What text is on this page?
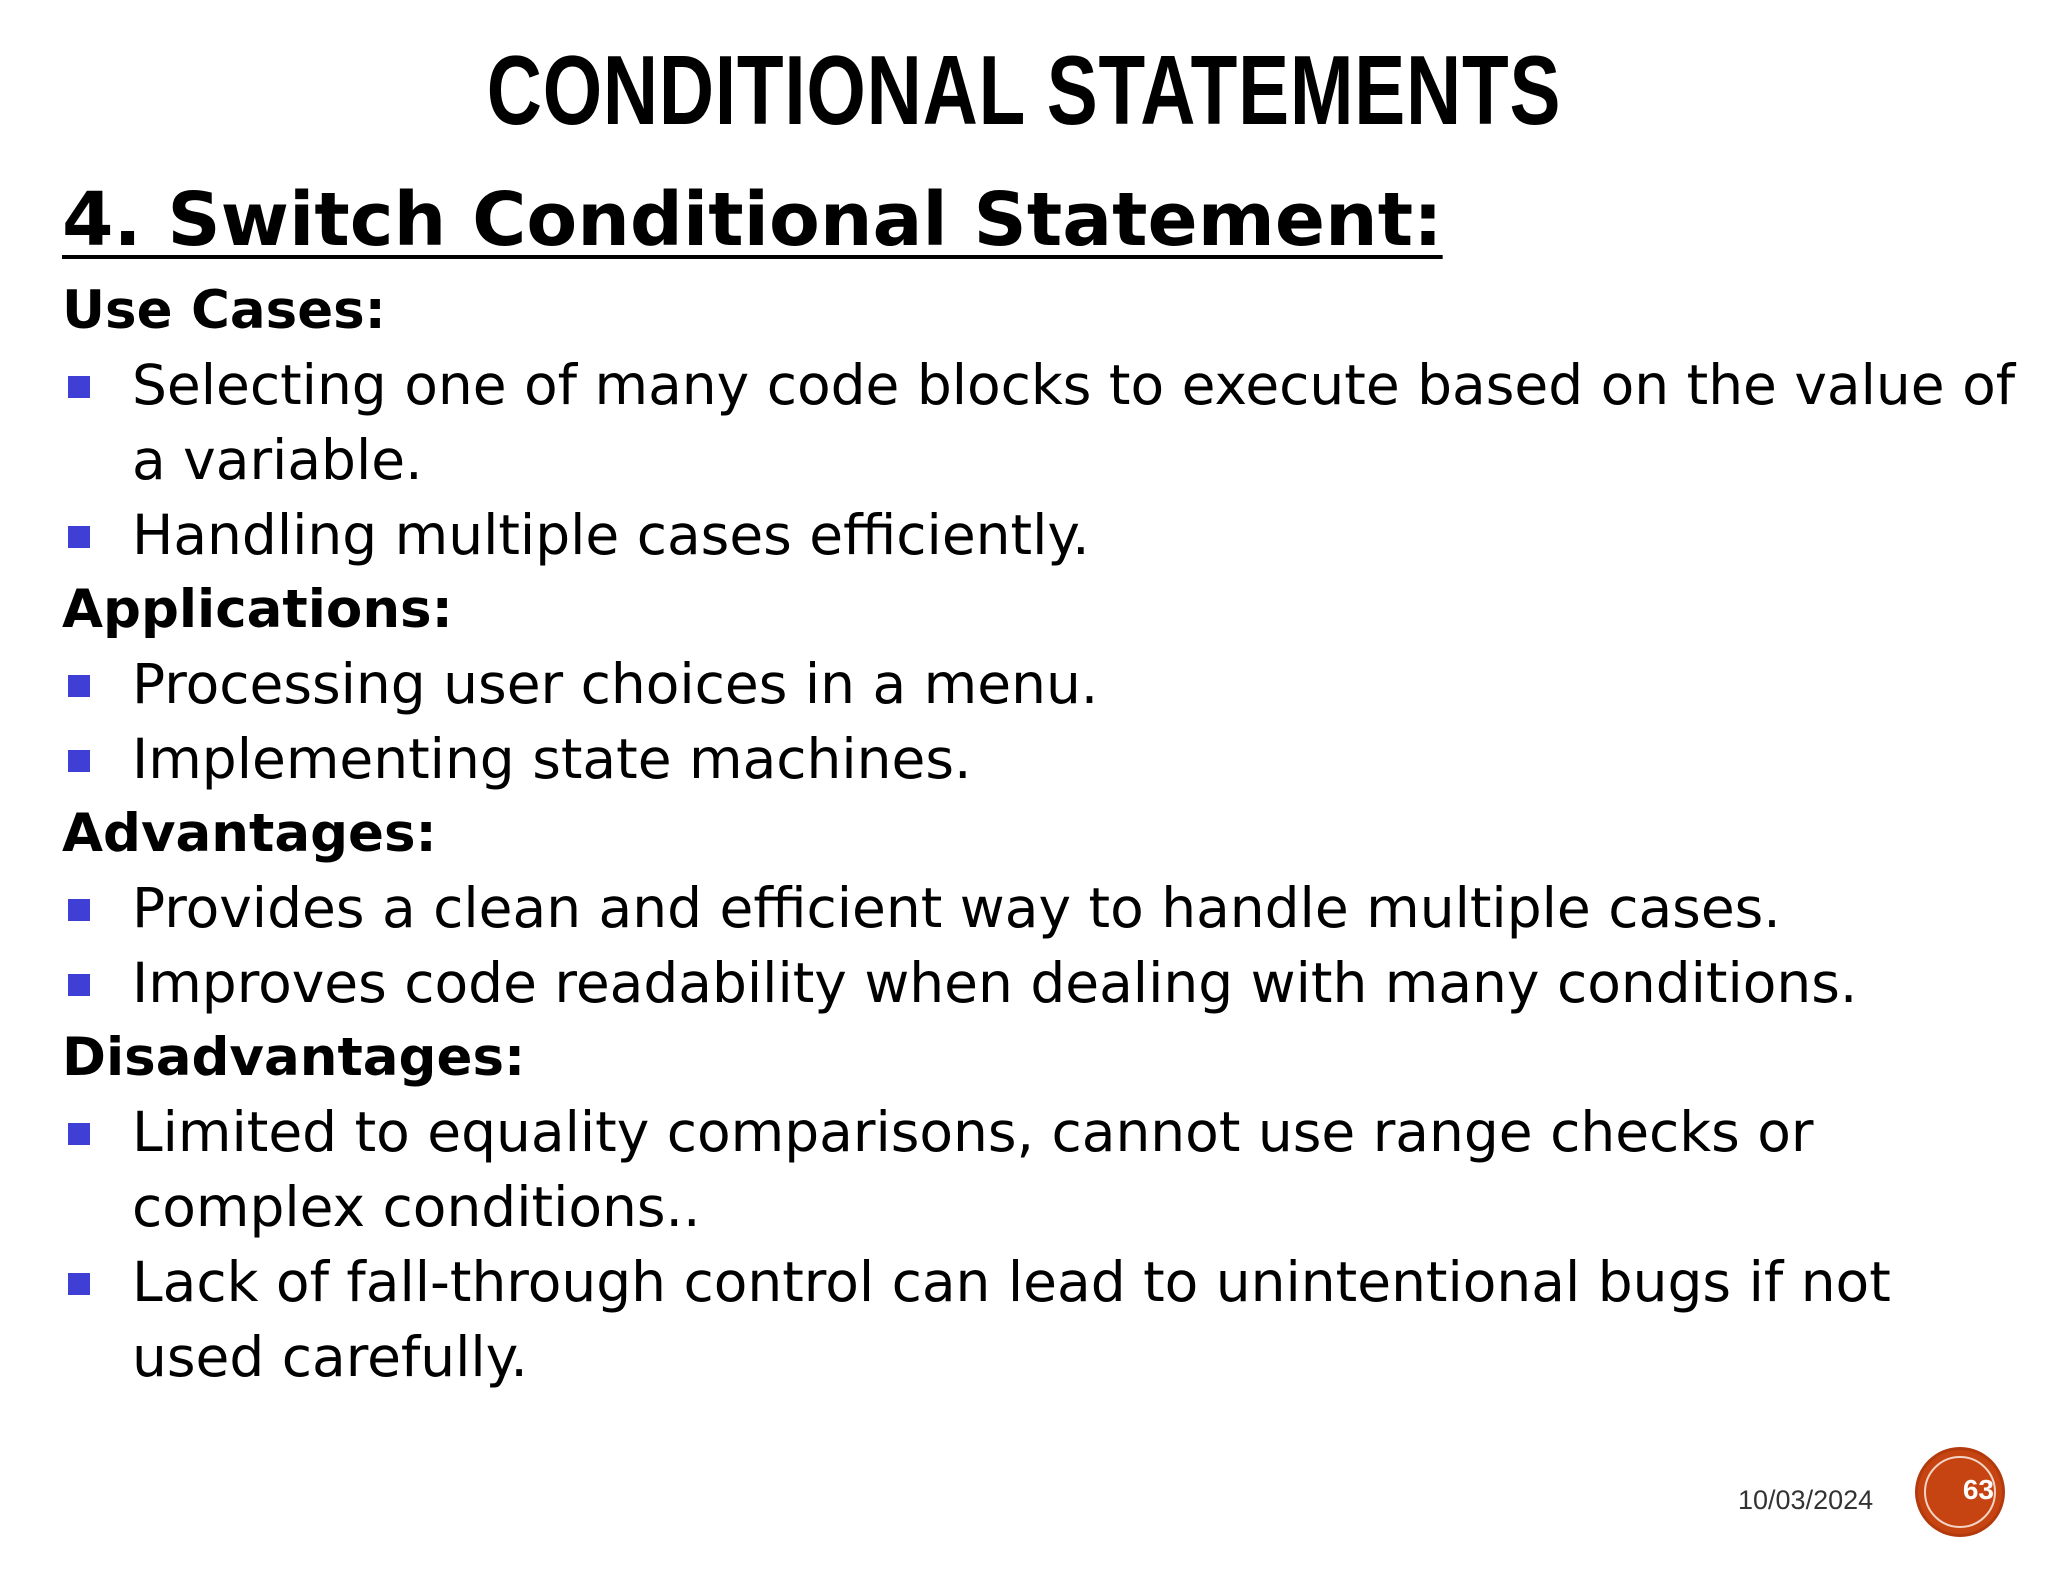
CONDITIONAL STATEMENTS
4. Switch Conditional Statement:
Use Cases:
Selecting one of many code blocks to execute based on the value of a variable.
Handling multiple cases efficiently.
Applications:
Processing user choices in a menu.
Implementing state machines.
Advantages:
Provides a clean and efficient way to handle multiple cases.
Improves code readability when dealing with many conditions.
Disadvantages:
Limited to equality comparisons, cannot use range checks or complex conditions..
Lack of fall-through control can lead to unintentional bugs if not used carefully.
10/03/2024	63
